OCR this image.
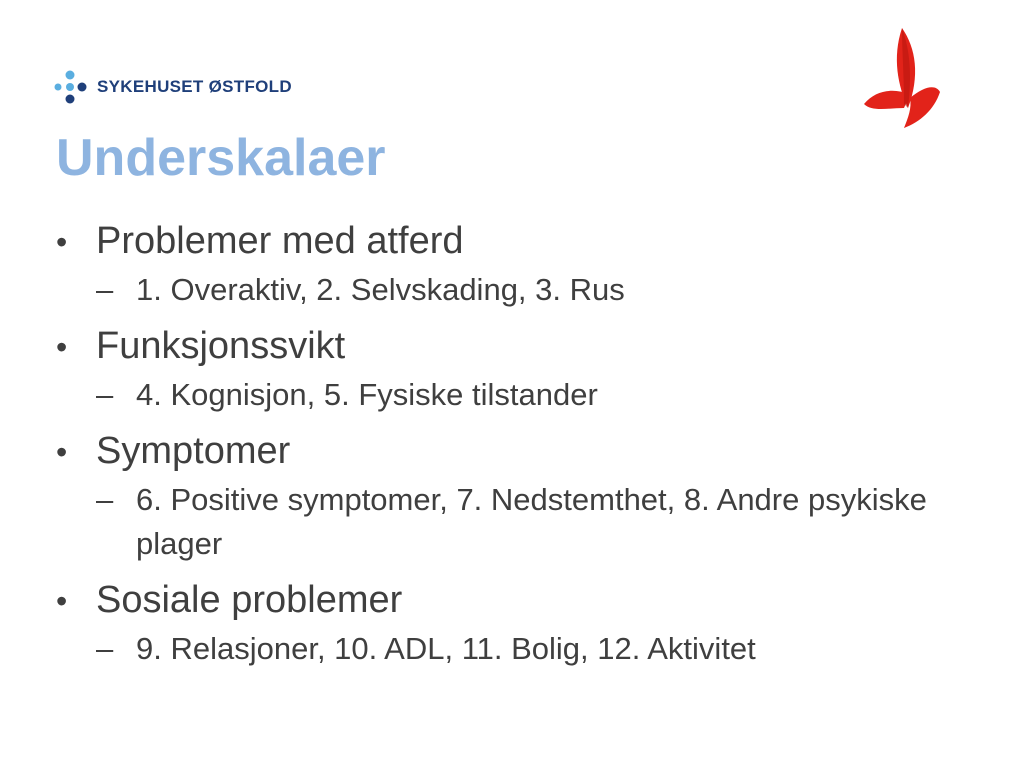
SYKEHUSET ØSTFOLD
Underskalaer
• Problemer med atferd
– 1. Overaktiv, 2. Selvskading, 3. Rus
• Funksjonssvikt
– 4. Kognisjon, 5. Fysiske tilstander
• Symptomer
– 6. Positive symptomer, 7. Nedstemthet, 8. Andre psykiske plager
• Sosiale problemer
– 9. Relasjoner, 10. ADL, 11. Bolig, 12. Aktivitet
